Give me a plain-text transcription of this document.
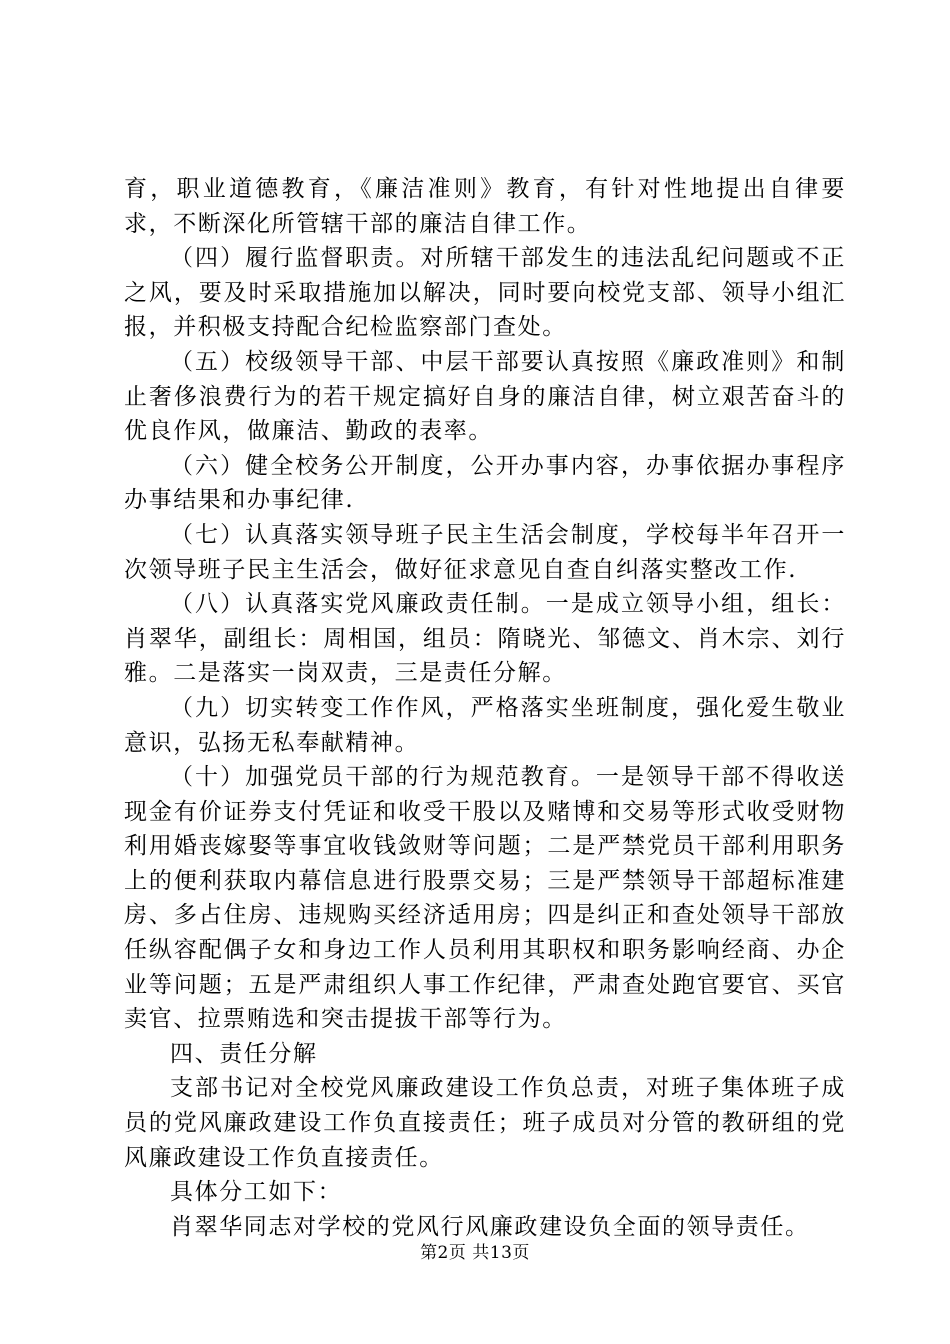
育，职业道德教育，《廉洁准则》教育，有针对性地提出自律要求，不断深化所管辖干部的廉洁自律工作。

（四）履行监督职责。对所辖干部发生的违法乱纪问题或不正之风，要及时采取措施加以解决，同时要向校党支部、领导小组汇报，并积极支持配合纪检监察部门查处。

（五）校级领导干部、中层干部要认真按照《廉政准则》和制止奢侈浪费行为的若干规定搞好自身的廉洁自律，树立艰苦奋斗的优良作风，做廉洁、勤政的表率。

（六）健全校务公开制度，公开办事内容，办事依据办事程序办事结果和办事纪律.

（七）认真落实领导班子民主生活会制度，学校每半年召开一次领导班子民主生活会，做好征求意见自查自纠落实整改工作.

（八）认真落实党风廉政责任制。一是成立领导小组，组长：肖翠华，副组长：周相国，组员：隋晓光、邹德文、肖木宗、刘行雅。二是落实一岗双责，三是责任分解。

（九）切实转变工作作风，严格落实坐班制度，强化爱生敬业意识，弘扬无私奉献精神。

（十）加强党员干部的行为规范教育。一是领导干部不得收送现金有价证券支付凭证和收受干股以及赌博和交易等形式收受财物利用婚丧嫁娶等事宜收钱敛财等问题；二是严禁党员干部利用职务上的便利获取内幕信息进行股票交易；三是严禁领导干部超标准建房、多占住房、违规购买经济适用房；四是纠正和查处领导干部放任纵容配偶子女和身边工作人员利用其职权和职务影响经商、办企业等问题；五是严肃组织人事工作纪律，严肃查处跑官要官、买官卖官、拉票贿选和突击提拔干部等行为。

四、责任分解

支部书记对全校党风廉政建设工作负总责，对班子集体班子成员的党风廉政建设工作负直接责任；班子成员对分管的教研组的党风廉政建设工作负直接责任。

具体分工如下：

肖翠华同志对学校的党风行风廉政建设负全面的领导责任。

第2页 共13页
